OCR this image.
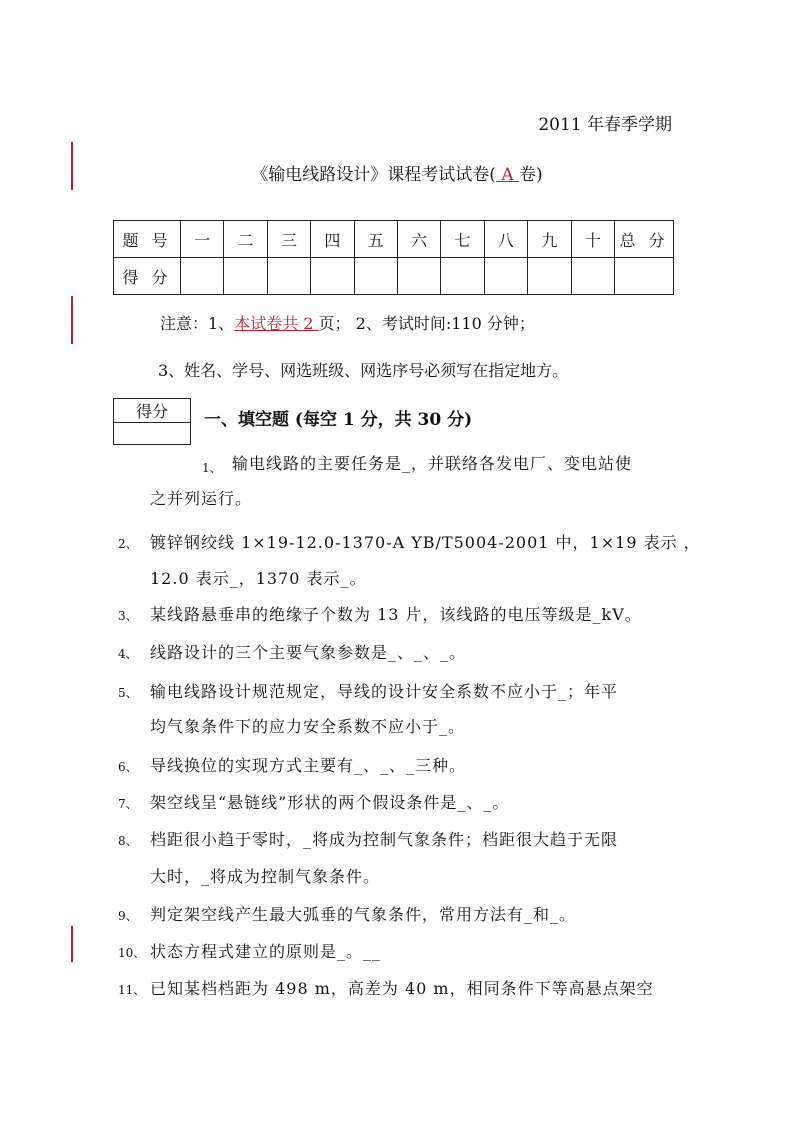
2011 年春季学期
《输电线路设计》课程考试试卷( A 卷)
题 号	一	二	三	四	五	六	七	八	九	十	总 分
得 分											
注意：1、本试卷共 2 页； 2、考试时间:110 分钟；
3、姓名、学号、网选班级、网选序号必须写在指定地方。
得分 一、填空题 (每空 1 分，共 30 分)
1、 输电线路的主要任务是_，并联络各发电厂、变电站使
之并列运行。
2、 镀锌钢绞线 1×19-12.0-1370-A YB/T5004-2001 中，1×19 表示 ，
12.0 表示_，1370 表示_。
3、 某线路悬垂串的绝缘子个数为 13 片，该线路的电压等级是_kV。
4、 线路设计的三个主要气象参数是_、_、_。
5、 输电线路设计规范规定，导线的设计安全系数不应小于_；年平
均气象条件下的应力安全系数不应小于_。
6、 导线换位的实现方式主要有_、_、_三种。
7、 架空线呈“悬链线”形状的两个假设条件是_、_。
8、 档距很小趋于零时，_将成为控制气象条件；档距很大趋于无限
大时，_将成为控制气象条件。
9、 判定架空线产生最大弧垂的气象条件，常用方法有_和_。
10、 状态方程式建立的原则是_。__
11、 已知某档档距为 498 m，高差为 40 m，相同条件下等高悬点架空
